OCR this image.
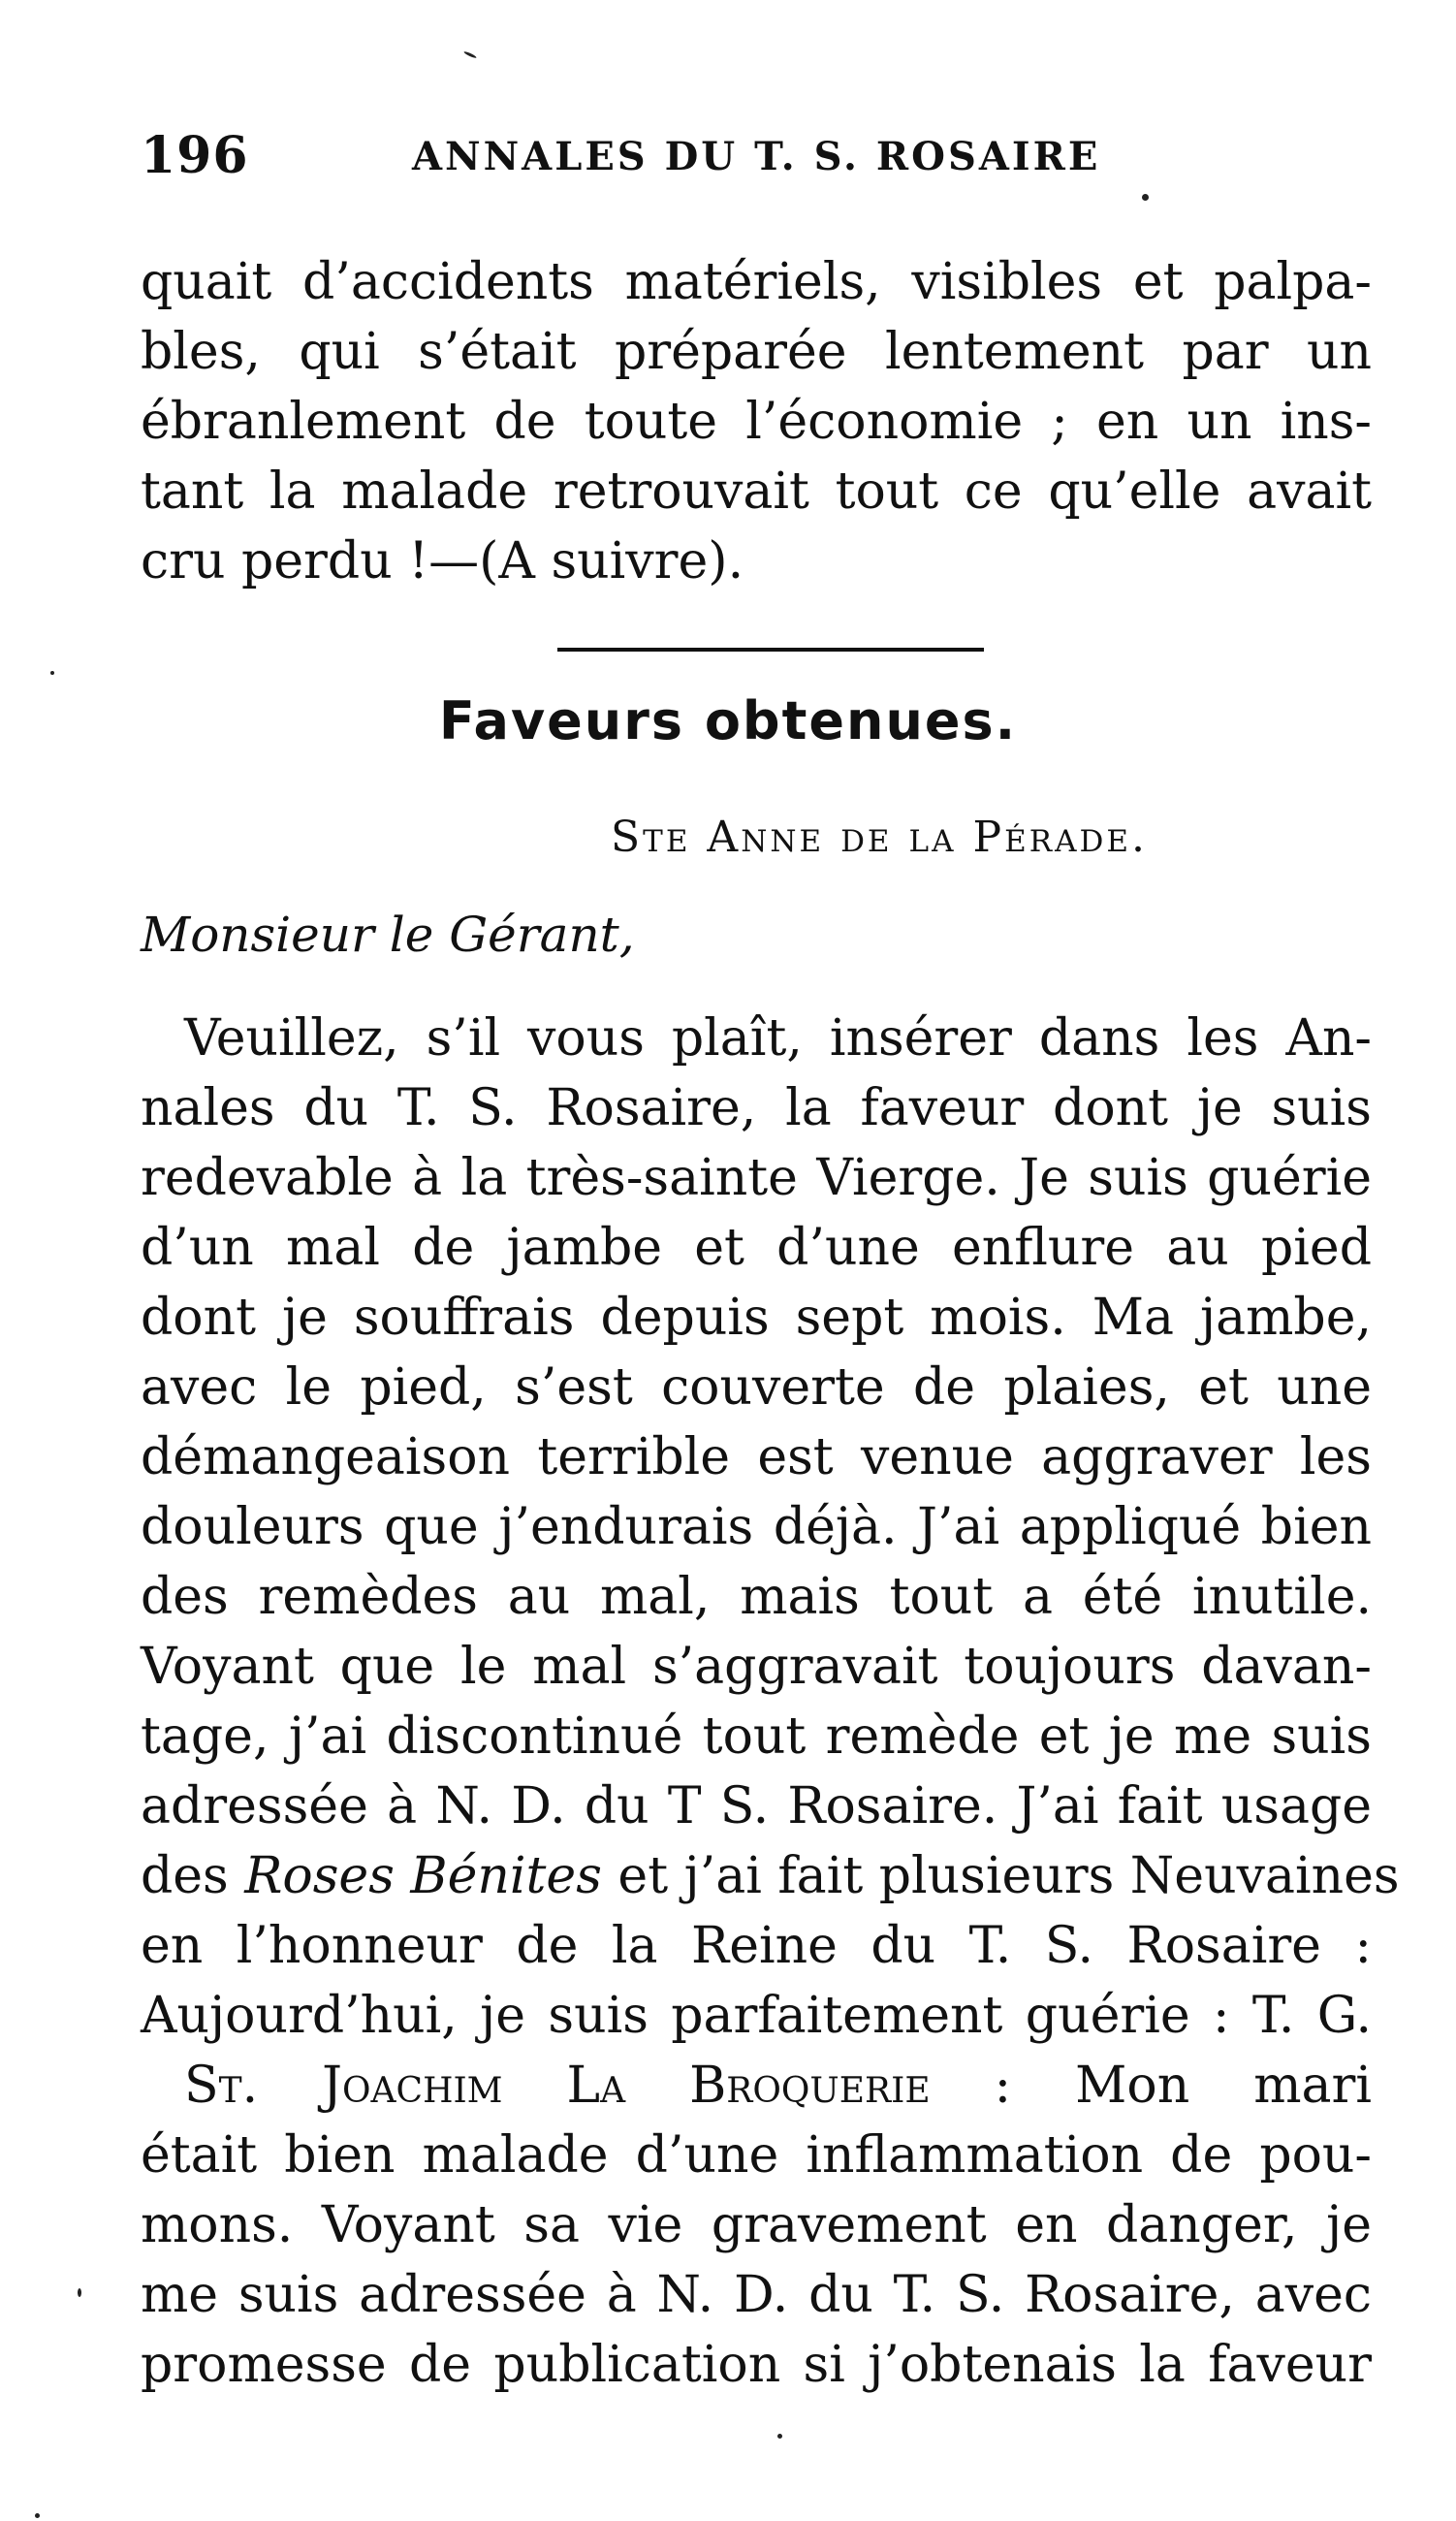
196	ANNALES DU T. S. ROSAIRE
quait d’accidents matériels, visibles et palpa-
bles, qui s’était préparée lentement par un
ébranlement de toute l’économie ; en un ins-
tant la malade retrouvait tout ce qu’elle avait
cru perdu !—(A suivre).
Faveurs obtenues.
Ste Anne de la Pérade.
Monsieur le Gérant,
Veuillez, s’il vous plaît, insérer dans les An-
nales du T. S. Rosaire, la faveur dont je suis
redevable à la très-sainte Vierge. Je suis guérie
d’un mal de jambe et d’une enflure au pied
dont je souffrais depuis sept mois. Ma jambe,
avec le pied, s’est couverte de plaies, et une
démangeaison terrible est venue aggraver les
douleurs que j’endurais déjà. J’ai appliqué bien
des remèdes au mal, mais tout a été inutile.
Voyant que le mal s’aggravait toujours davan-
tage, j’ai discontinué tout remède et je me suis
adressée à N. D. du T S. Rosaire. J’ai fait usage
des Roses Bénites et j’ai fait plusieurs Neuvaines
en l’honneur de la Reine du T. S. Rosaire :
Aujourd’hui, je suis parfaitement guérie : T. G.
St. Joachim La Broquerie : Mon mari
était bien malade d’une inflammation de pou-
mons. Voyant sa vie gravement en danger, je
me suis adressée à N. D. du T. S. Rosaire, avec
promesse de publication si j’obtenais la faveur
